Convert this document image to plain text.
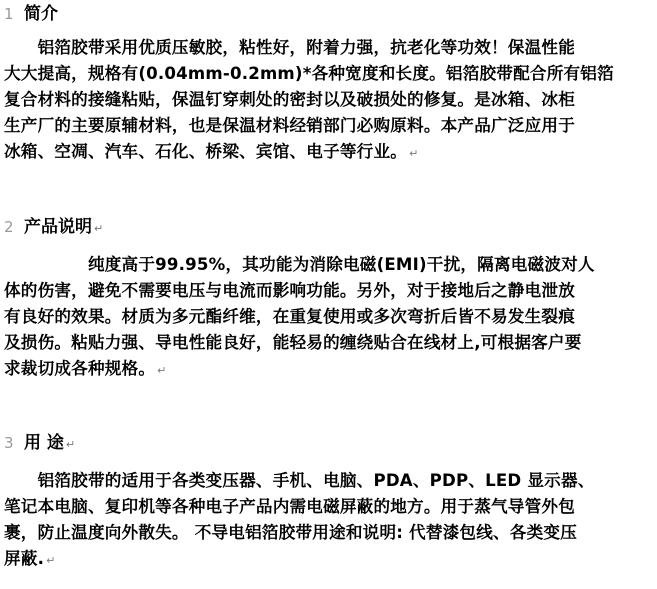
1 简介
　　铝箔胶带采用优质压敏胶，粘性好，附着力强，抗老化等功效！保温性能
大大提高，规格有(0.04mm-0.2mm)*各种宽度和长度。铝箔胶带配合所有铝箔
复合材料的接缝粘贴，保温钉穿刺处的密封以及破损处的修复。是冰箱、冰柜
生产厂的主要原辅材料，也是保温材料经销部门必购原料。本产品广泛应用于
冰箱、空凋、汽车、石化、桥梁、宾馆、电子等行业。 ↵
2 产品说明 ↵
　　　　　纯度高于99.95%，其功能为消除电磁(EMI)干扰，隔离电磁波对人
体的伤害，避免不需要电压与电流而影响功能。另外，对于接地后之静电泄放
有良好的效果。材质为多元酯纤维，在重复使用或多次弯折后皆不易发生裂痕
及损伤。粘贴力强、导电性能良好，能轻易的缠绕贴合在线材上,可根据客户要
求裁切成各种规格。 ↵
3 用 途 ↵
　　铝箔胶带的适用于各类变压器、手机、电脑、PDA、PDP、LED 显示器、
笔记本电脑、复印机等各种电子产品内需电磁屏蔽的地方。用于蒸气导管外包
裹，防止温度向外散失。 不导电铝箔胶带用途和说明: 代替漆包线、各类变压
屏蔽. ↵
